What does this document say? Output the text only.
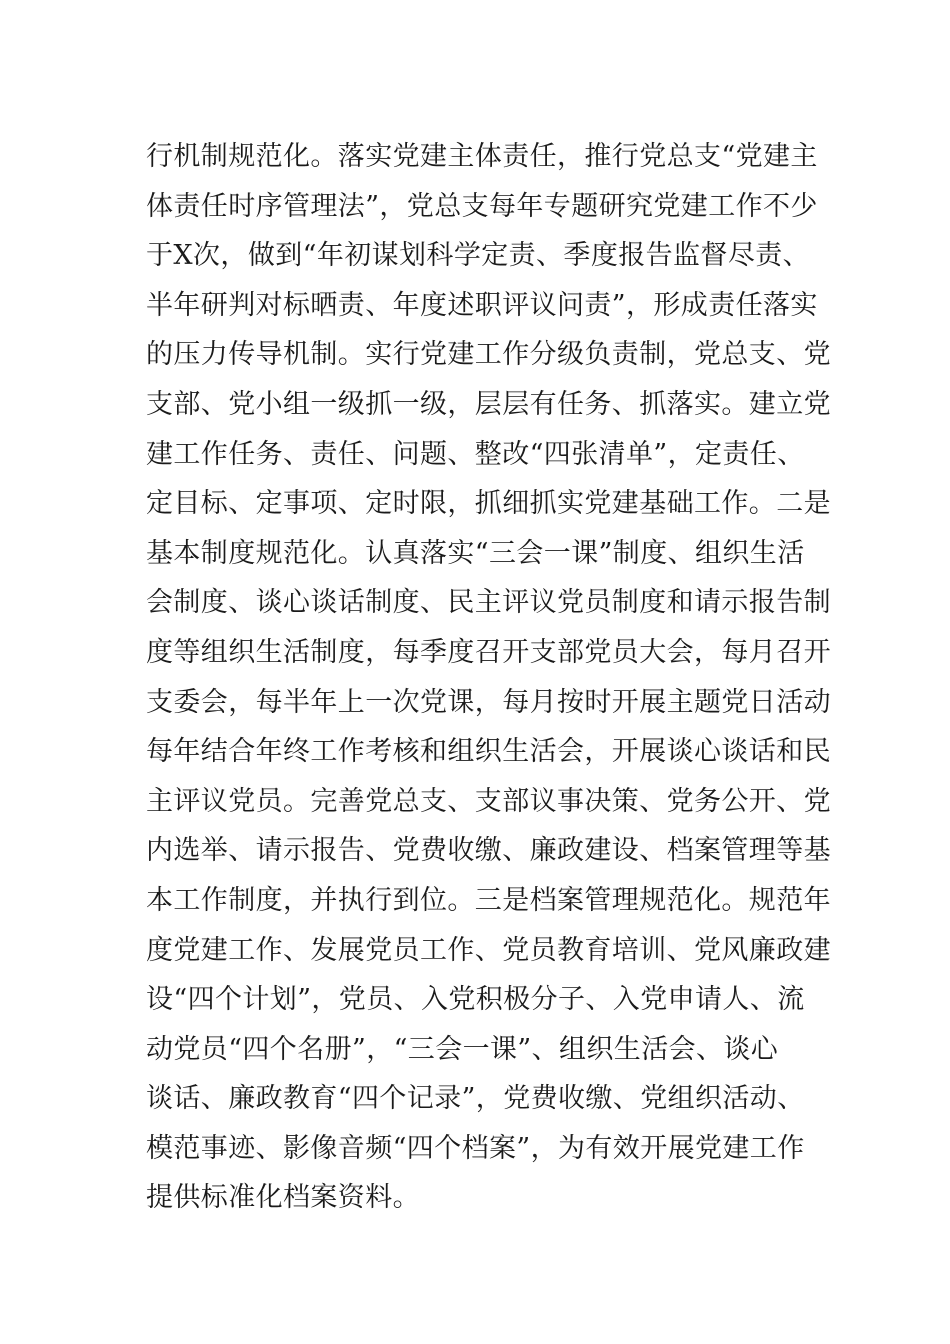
行机制规范化。落实党建主体责任，推行党总支“党建主
体责任时序管理法”，党总支每年专题研究党建工作不少
于X次，做到“年初谋划科学定责、季度报告监督尽责、
半年研判对标晒责、年度述职评议问责”，形成责任落实
的压力传导机制。实行党建工作分级负责制，党总支、党
支部、党小组一级抓一级，层层有任务、抓落实。建立党
建工作任务、责任、问题、整改“四张清单”，定责任、
定目标、定事项、定时限，抓细抓实党建基础工作。二是
基本制度规范化。认真落实“三会一课”制度、组织生活
会制度、谈心谈话制度、民主评议党员制度和请示报告制
度等组织生活制度，每季度召开支部党员大会，每月召开
支委会，每半年上一次党课，每月按时开展主题党日活动
每年结合年终工作考核和组织生活会，开展谈心谈话和民
主评议党员。完善党总支、支部议事决策、党务公开、党
内选举、请示报告、党费收缴、廉政建设、档案管理等基
本工作制度，并执行到位。三是档案管理规范化。规范年
度党建工作、发展党员工作、党员教育培训、党风廉政建
设“四个计划”，党员、入党积极分子、入党申请人、流
动党员“四个名册”，“三会一课”、组织生活会、谈心
谈话、廉政教育“四个记录”，党费收缴、党组织活动、
模范事迹、影像音频“四个档案”，为有效开展党建工作
提供标准化档案资料。
